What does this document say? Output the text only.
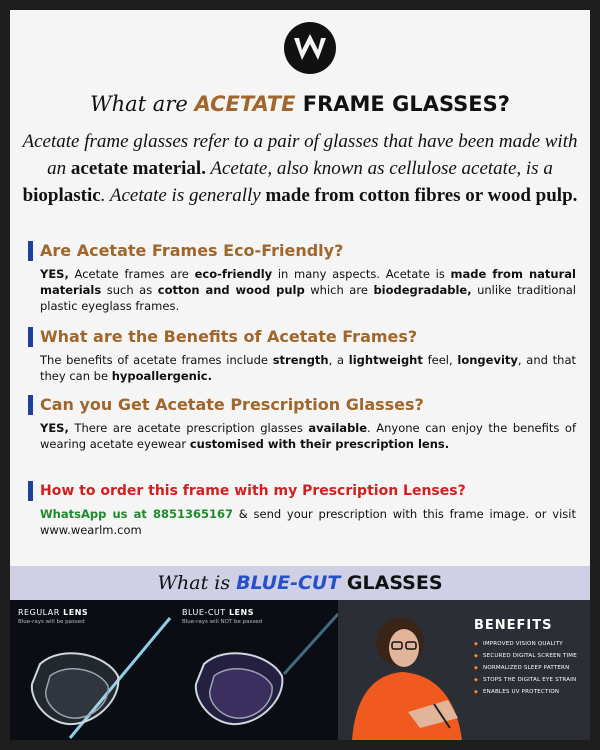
What are ACETATE FRAME GLASSES?
Acetate frame glasses refer to a pair of glasses that have been made with an acetate material. Acetate, also known as cellulose acetate, is a bioplastic. Acetate is generally made from cotton fibres or wood pulp.
Are Acetate Frames Eco-Friendly?

YES, Acetate frames are eco-friendly in many aspects. Acetate is made from natural materials such as cotton and wood pulp which are biodegradable, unlike traditional plastic eyeglass frames.

What are the Benefits of Acetate Frames?

The benefits of acetate frames include strength, a lightweight feel, longevity, and that they can be hypoallergenic.

Can you Get Acetate Prescription Glasses?

YES, There are acetate prescription glasses available. Anyone can enjoy the benefits of wearing acetate eyewear customised with their prescription lens.

How to order this frame with my Prescription Lenses?

WhatsApp us at 8851365167 & send your prescription with this frame image. or visit www.wearlm.com

What is BLUE-CUT GLASSES
REGULAR LENS
Blue-rays will be passed
BLUE-CUT LENS
Blue-rays will NOT be passed	BENEFITS
◆ IMPROVED VISION QUALITY
◆ SECURED DIGITAL SCREEN TIME
◆ NORMALIZED SLEEP PATTERN
◆ STOPS THE DIGITAL EYE STRAIN
◆ ENABLES UV PROTECTION
